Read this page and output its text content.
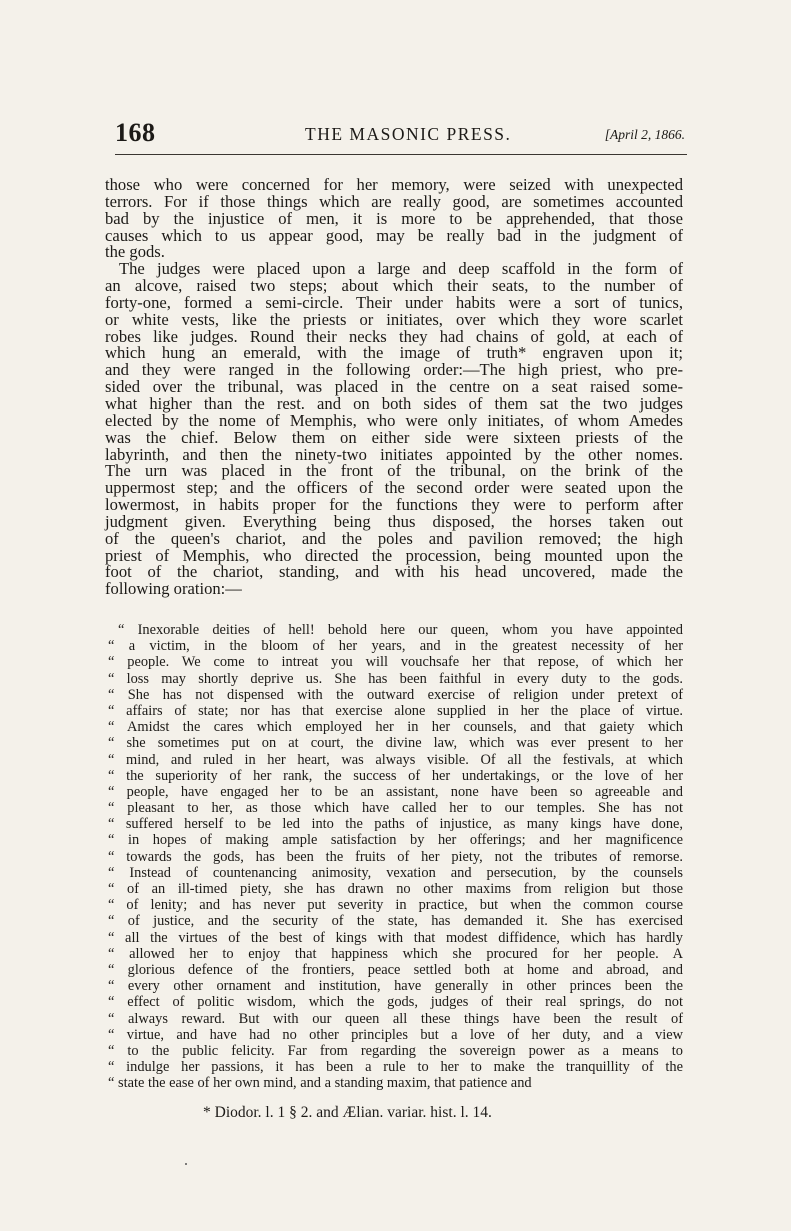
168	THE MASONIC PRESS.	[April 2, 1866.
those who were concerned for her memory, were seized with unexpected
terrors. For if those things which are really good, are sometimes accounted
bad by the injustice of men, it is more to be apprehended, that those
causes which to us appear good, may be really bad in the judgment of
the gods.
The judges were placed upon a large and deep scaffold in the form of
an alcove, raised two steps; about which their seats, to the number of
forty-one, formed a semi-circle. Their under habits were a sort of tunics,
or white vests, like the priests or initiates, over which they wore scarlet
robes like judges. Round their necks they had chains of gold, at each of
which hung an emerald, with the image of truth* engraven upon it;
and they were ranged in the following order:—The high priest, who pre-
sided over the tribunal, was placed in the centre on a seat raised some-
what higher than the rest. and on both sides of them sat the two judges
elected by the nome of Memphis, who were only initiates, of whom Amedes
was the chief. Below them on either side were sixteen priests of the
labyrinth, and then the ninety-two initiates appointed by the other nomes.
The urn was placed in the front of the tribunal, on the brink of the
uppermost step; and the officers of the second order were seated upon the
lowermost, in habits proper for the functions they were to perform after
judgment given. Everything being thus disposed, the horses taken out
of the queen's chariot, and the poles and pavilion removed; the high
priest of Memphis, who directed the procession, being mounted upon the
foot of the chariot, standing, and with his head uncovered, made the
following oration:—
“ Inexorable deities of hell! behold here our queen, whom you have appointed
“ a victim, in the bloom of her years, and in the greatest necessity of her
“ people. We come to intreat you will vouchsafe her that repose, of which her
“ loss may shortly deprive us. She has been faithful in every duty to the gods.
“ She has not dispensed with the outward exercise of religion under pretext of
“ affairs of state; nor has that exercise alone supplied in her the place of virtue.
“ Amidst the cares which employed her in her counsels, and that gaiety which
“ she sometimes put on at court, the divine law, which was ever present to her
“ mind, and ruled in her heart, was always visible. Of all the festivals, at which
“ the superiority of her rank, the success of her undertakings, or the love of her
“ people, have engaged her to be an assistant, none have been so agreeable and
“ pleasant to her, as those which have called her to our temples. She has not
“ suffered herself to be led into the paths of injustice, as many kings have done,
“ in hopes of making ample satisfaction by her offerings; and her magnificence
“ towards the gods, has been the fruits of her piety, not the tributes of remorse.
“ Instead of countenancing animosity, vexation and persecution, by the counsels
“ of an ill-timed piety, she has drawn no other maxims from religion but those
“ of lenity; and has never put severity in practice, but when the common course
“ of justice, and the security of the state, has demanded it. She has exercised
“ all the virtues of the best of kings with that modest diffidence, which has hardly
“ allowed her to enjoy that happiness which she procured for her people. A
“ glorious defence of the frontiers, peace settled both at home and abroad, and
“ every other ornament and institution, have generally in other princes been the
“ effect of politic wisdom, which the gods, judges of their real springs, do not
“ always reward. But with our queen all these things have been the result of
“ virtue, and have had no other principles but a love of her duty, and a view
“ to the public felicity. Far from regarding the sovereign power as a means to
“ indulge her passions, it has been a rule to her to make the tranquillity of the
“ state the ease of her own mind, and a standing maxim, that patience and
* Diodor. l. 1 § 2. and Ælian. variar. hist. l. 14.
